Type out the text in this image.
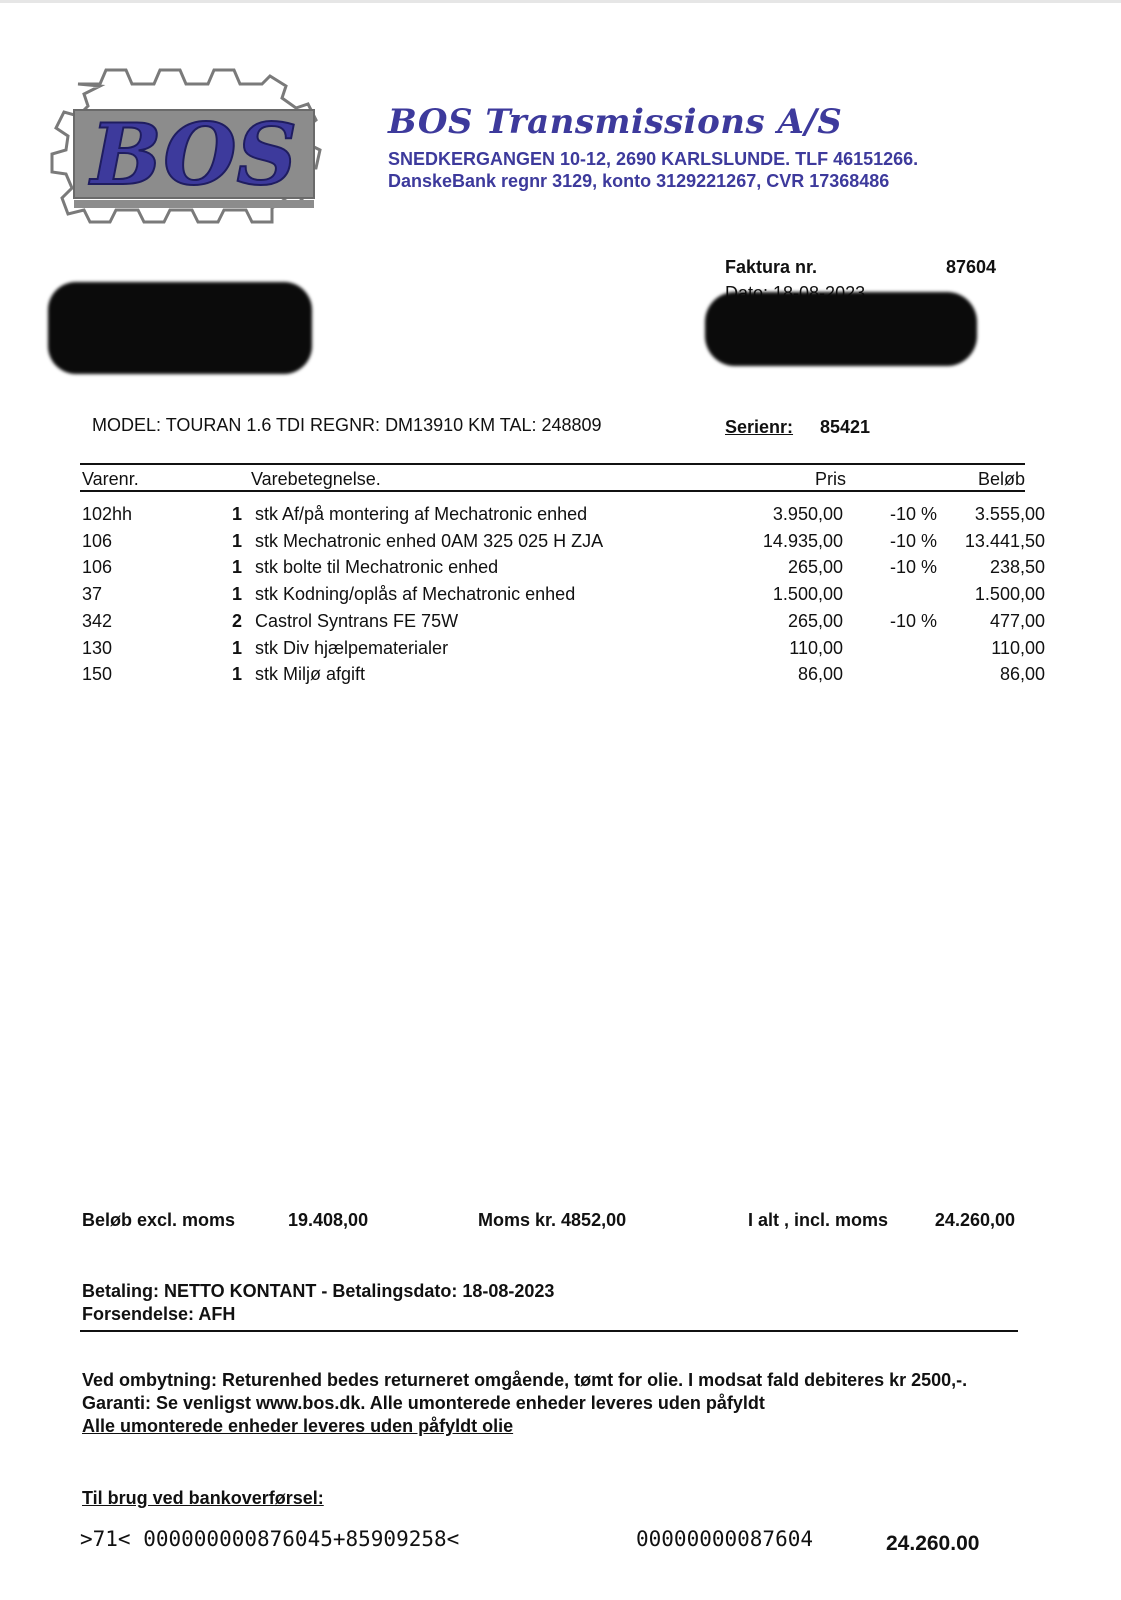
BOS	BOS Transmissions A/S
SNEDKERGANGEN 10-12, 2690 KARLSLUNDE. TLF 46151266.
DanskeBank regnr 3129, konto 3129221267, CVR 17368486
Faktura nr.	87604
MODEL: TOURAN 1.6 TDI REGNR: DM13910 KM TAL: 248809	Serienr: 85421
Varenr.	Varebetegnelse.	Pris	Beløb
102hh	1 stk Af/på montering af Mechatronic enhed	3.950,00	-10 % 3.555,00
106	1 stk Mechatronic enhed 0AM 325 025 H ZJA	14.935,00	-10 % 13.441,50
106	1 stk bolte til Mechatronic enhed	265,00	-10 %	238,50
37	1 stk Kodning/oplås af Mechatronic enhed	1.500,00	1.500,00
342	2 Castrol Syntrans FE 75W	265,00	-10 %	477,00
130	1 stk Div hjælpematerialer	110,00	110,00
150	1 stk Miljø afgift	86,00	86,00
Beløb excl. moms	19.408,00	Moms kr. 4852,00	I alt , incl. moms	24.260,00
Betaling: NETTO KONTANT - Betalingsdato: 18-08-2023
Forsendelse: AFH
Ved ombytning: Returenhed bedes returneret omgående, tømt for olie. I modsat fald debiteres kr 2500,-.
Garanti: Se venligst www.bos.dk. Alle umonterede enheder leveres uden påfyldt
Alle umonterede enheder leveres uden påfyldt olie
Til brug ved bankoverførsel:
>71< 000000000876045+85909258<	00000000087604	24.260.00
